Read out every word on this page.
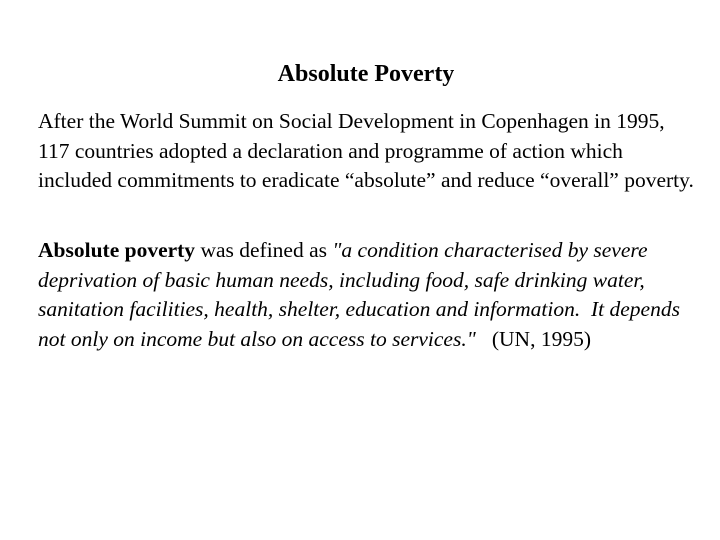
Absolute Poverty

After the World Summit on Social Development in Copenhagen in 1995, 117 countries adopted a declaration and programme of action which included commitments to eradicate “absolute” and reduce “overall” poverty.

Absolute poverty was defined as "a condition characterised by severe deprivation of basic human needs, including food, safe drinking water, sanitation facilities, health, shelter, education and information.  It depends not only on income but also on access to services."   (UN, 1995)
